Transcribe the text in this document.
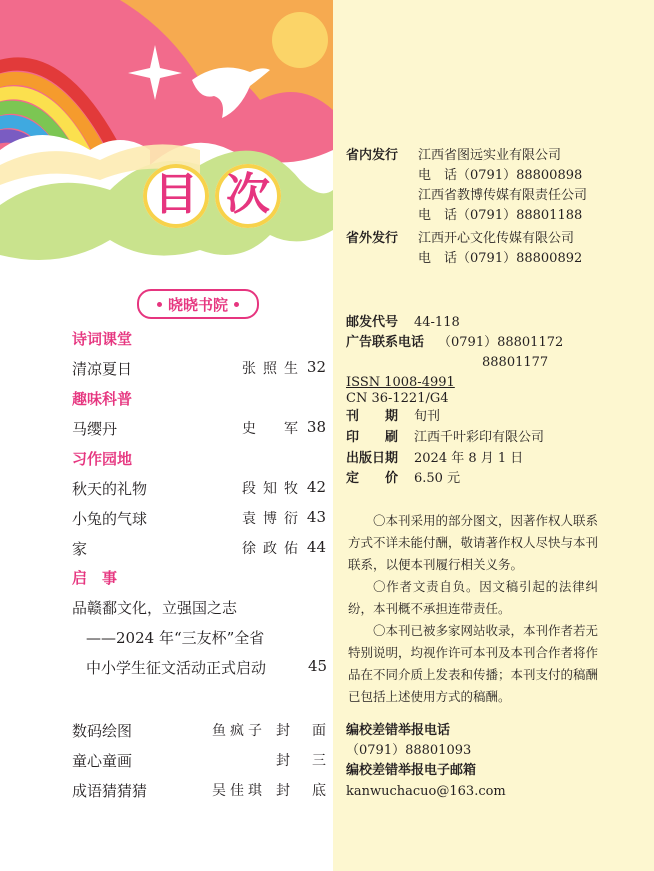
目 次
晓晓书院
诗词课堂
清凉夏日	张照生 32
趣味科普
马缨丹	史　军 38
习作园地
秋天的礼物	段知牧 42
小兔的气球	袁博衍 43
家	徐政佑 44
启　事
品赣鄱文化，立强国之志
——2024 年“三友杯”全省
中小学生征文活动正式启动	45
数码绘图	鱼疯子 封　面
童心童画	封　三
成语猜猜猜	吴佳琪 封　底
省内发行 江西省图远实业有限公司
电　话（0791）88800898
江西省教博传媒有限责任公司
电　话（0791）88801188
省外发行 江西开心文化传媒有限公司
电　话（0791）88800892
邮发代号 44-118
广告联系电话 （0791）88801172
88801177
ISSN 1008-4991
CN 36-1221/G4
刊　　期 旬刊
印　　刷 江西千叶彩印有限公司
出版日期 2024 年 8 月 1 日
定　　价 6.50 元

〇本刊采用的部分图文，因著作权人联系方式不详未能付酬，敬请著作权人尽快与本刊联系，以便本刊履行相关义务。

〇作者文责自负。因文稿引起的法律纠纷，本刊概不承担连带责任。

〇本刊已被多家网站收录，本刊作者若无特别说明，均视作许可本刊及本刊合作者将作品在不同介质上发表和传播；本刊支付的稿酬已包括上述使用方式的稿酬。

编校差错举报电话
（0791）88801093
编校差错举报电子邮箱
kanwuchacuo@163.com
